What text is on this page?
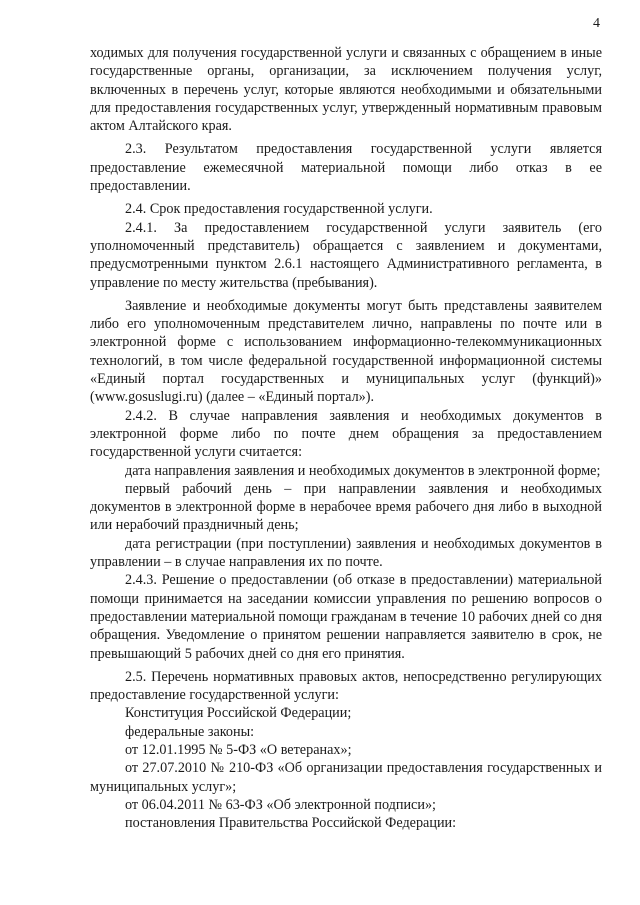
4

ходимых для получения государственной услуги и связанных с обращением в иные государственные органы, организации, за исключением получения услуг, включенных в перечень услуг, которые являются необходимыми и обязательными для предоставления государственных услуг, утвержденный нормативным правовым актом Алтайского края.

2.3. Результатом предоставления государственной услуги является предоставление ежемесячной материальной помощи либо отказ в ее предоставлении.

2.4. Срок предоставления государственной услуги.

2.4.1. За предоставлением государственной услуги заявитель (его уполномоченный представитель) обращается с заявлением и документами, предусмотренными пунктом 2.6.1 настоящего Административного регламента, в управление по месту жительства (пребывания).

Заявление и необходимые документы могут быть представлены заявителем либо его уполномоченным представителем лично, направлены по почте или в электронной форме с использованием информационно-телекоммуникационных технологий, в том числе федеральной государственной информационной системы «Единый портал государственных и муниципальных услуг (функций)» (www.gosuslugi.ru) (далее – «Единый портал»).

2.4.2. В случае направления заявления и необходимых документов в электронной форме либо по почте днем обращения за предоставлением государственной услуги считается:

дата направления заявления и необходимых документов в электронной форме;

первый рабочий день – при направлении заявления и необходимых документов в электронной форме в нерабочее время рабочего дня либо в выходной или нерабочий праздничный день;

дата регистрации (при поступлении) заявления и необходимых документов в управлении – в случае направления их по почте.

2.4.3. Решение о предоставлении (об отказе в предоставлении) материальной помощи принимается на заседании комиссии управления по решению вопросов о предоставлении материальной помощи гражданам в течение 10 рабочих дней со дня обращения. Уведомление о принятом решении направляется заявителю в срок, не превышающий 5 рабочих дней со дня его принятия.

2.5. Перечень нормативных правовых актов, непосредственно регулирующих предоставление государственной услуги:

Конституция Российской Федерации;

федеральные законы:

от 12.01.1995 № 5-ФЗ «О ветеранах»;

от 27.07.2010 № 210-ФЗ «Об организации предоставления государственных и муниципальных услуг»;

от 06.04.2011 № 63-ФЗ «Об электронной подписи»;

постановления Правительства Российской Федерации:
